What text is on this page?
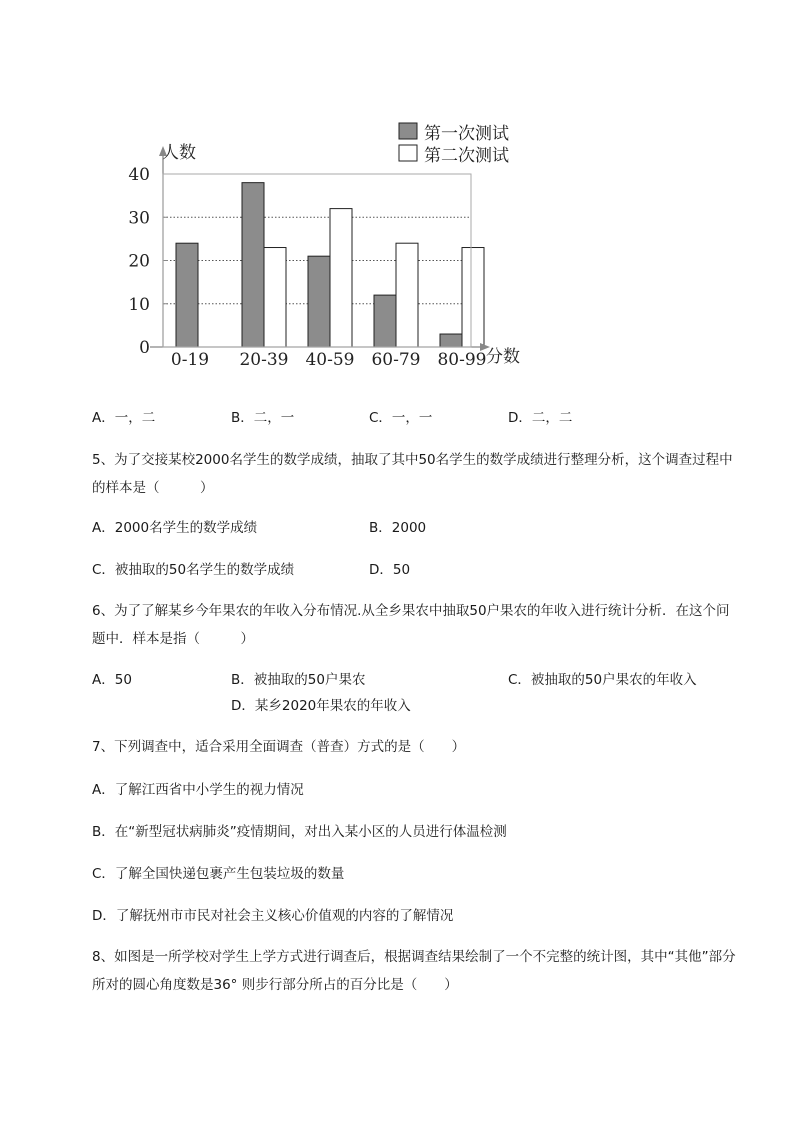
0
10
20
30
40
0-19 20-39 40-59 60-79 80-99
人数
分数
第一次测试
第二次测试
A．一，二	B．二，一	C．一，一	D．二，二
5、为了交接某校2000名学生的数学成绩，抽取了其中50名学生的数学成绩进行整理分析，这个调查过程中的样本是（　　　）
A．2000名学生的数学成绩	B．2000
C．被抽取的50名学生的数学成绩	D．50
6、为了了解某乡今年果农的年收入分布情况.从全乡果农中抽取50户果农的年收入进行统计分析．在这个问题中．样本是指（　　　）
A．50	B．被抽取的50户果农	C．被抽取的50户果农的年收入
D．某乡2020年果农的年收入
7、下列调查中，适合采用全面调查（普查）方式的是（　　）
A．了解江西省中小学生的视力情况
B．在“新型冠状病肺炎”疫情期间，对出入某小区的人员进行体温检测
C．了解全国快递包裹产生包装垃圾的数量
D．了解抚州市市民对社会主义核心价值观的内容的了解情况
8、如图是一所学校对学生上学方式进行调查后，根据调查结果绘制了一个不完整的统计图，其中“其他”部分所对的圆心角度数是36° 则步行部分所占的百分比是（　　）
